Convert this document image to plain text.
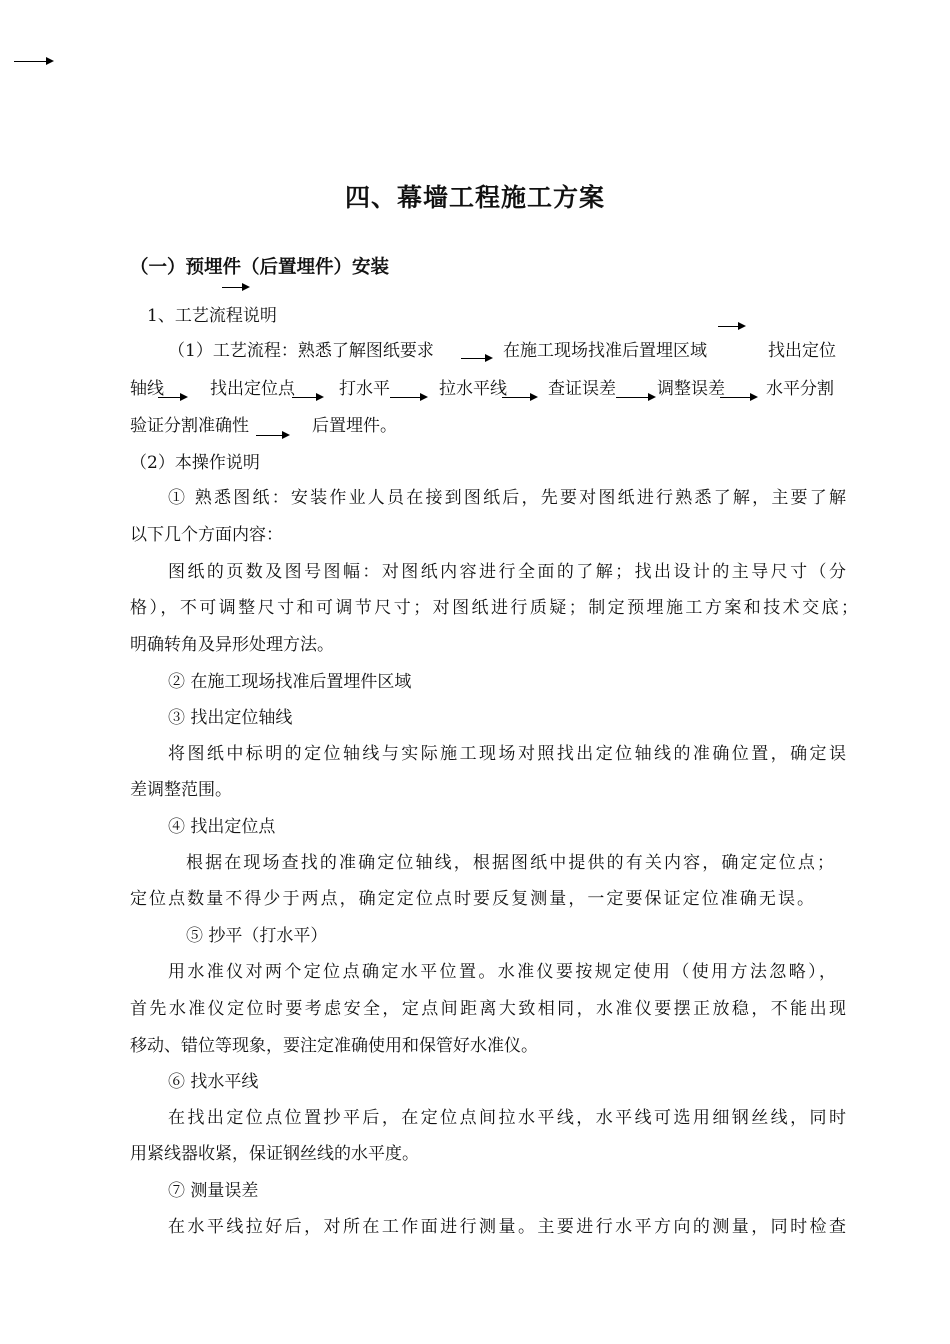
四、幕墙工程施工方案
（一）预埋件（后置埋件）安装
1、工艺流程说明
（1）工艺流程：熟悉了解图纸要求	在施工现场找准后置埋区域	找出定位
轴线	找出定位点	打水平	拉水平线 查证误差 调整误差 水平分割
验证分割准确性	后置埋件。
（2）本操作说明
① 熟悉图纸：安装作业人员在接到图纸后，先要对图纸进行熟悉了解，主要了解
以下几个方面内容：
图纸的页数及图号图幅：对图纸内容进行全面的了解；找出设计的主导尺寸（分
格），不可调整尺寸和可调节尺寸；对图纸进行质疑；制定预埋施工方案和技术交底；
明确转角及异形处理方法。
② 在施工现场找准后置埋件区域
③ 找出定位轴线
将图纸中标明的定位轴线与实际施工现场对照找出定位轴线的准确位置，确定误
差调整范围。
④ 找出定位点
根据在现场查找的准确定位轴线，根据图纸中提供的有关内容，确定定位点；
定位点数量不得少于两点，确定定位点时要反复测量，一定要保证定位准确无误。
⑤ 抄平（打水平）
用水准仪对两个定位点确定水平位置。水准仪要按规定使用（使用方法忽略），
首先水准仪定位时要考虑安全，定点间距离大致相同，水准仪要摆正放稳，不能出现
移动、错位等现象，要注定准确使用和保管好水准仪。
⑥ 找水平线
在找出定位点位置抄平后，在定位点间拉水平线，水平线可选用细钢丝线，同时
用紧线器收紧，保证钢丝线的水平度。
⑦ 测量误差
在水平线拉好后，对所在工作面进行测量。主要进行水平方向的测量，同时检查
